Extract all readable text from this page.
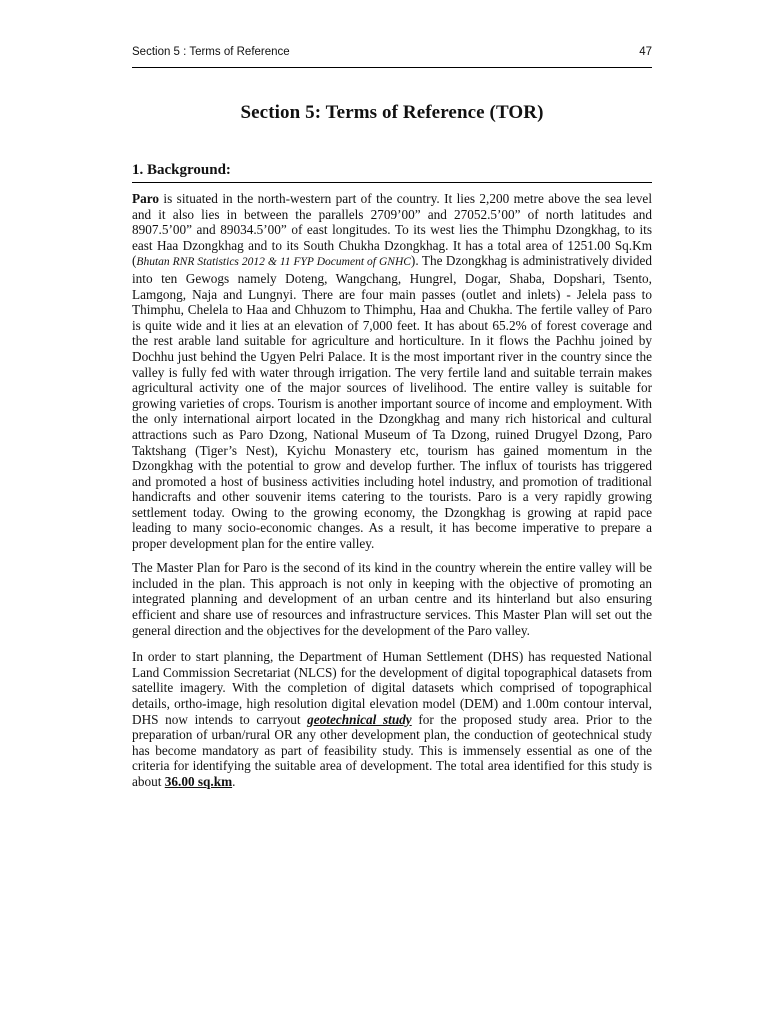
Section 5 : Terms of Reference	47
Section 5: Terms of Reference (TOR)
1. Background:

Paro is situated in the north-western part of the country. It lies 2,200 metre above the sea level and it also lies in between the parallels 2709’00” and 27052.5’00” of north latitudes and 8907.5’00” and 89034.5’00” of east longitudes. To its west lies the Thimphu Dzongkhag, to its east Haa Dzongkhag and to its South Chukha Dzongkhag. It has a total area of 1251.00 Sq.Km (Bhutan RNR Statistics 2012 & 11 FYP Document of GNHC). The Dzongkhag is administratively divided into ten Gewogs namely Doteng, Wangchang, Hungrel, Dogar, Shaba, Dopshari, Tsento, Lamgong, Naja and Lungnyi. There are four main passes (outlet and inlets) - Jelela pass to Thimphu, Chelela to Haa and Chhuzom to Thimphu, Haa and Chukha. The fertile valley of Paro is quite wide and it lies at an elevation of 7,000 feet. It has about 65.2% of forest coverage and the rest arable land suitable for agriculture and horticulture. In it flows the Pachhu joined by Dochhu just behind the Ugyen Pelri Palace. It is the most important river in the country since the valley is fully fed with water through irrigation. The very fertile land and suitable terrain makes agricultural activity one of the major sources of livelihood. The entire valley is suitable for growing varieties of crops. Tourism is another important source of income and employment. With the only international airport located in the Dzongkhag and many rich historical and cultural attractions such as Paro Dzong, National Museum of Ta Dzong, ruined Drugyel Dzong, Paro Taktshang (Tiger’s Nest), Kyichu Monastery etc, tourism has gained momentum in the Dzongkhag with the potential to grow and develop further. The influx of tourists has triggered and promoted a host of business activities including hotel industry, and promotion of traditional handicrafts and other souvenir items catering to the tourists. Paro is a very rapidly growing settlement today. Owing to the growing economy, the Dzongkhag is growing at rapid pace leading to many socio-economic changes. As a result, it has become imperative to prepare a proper development plan for the entire valley.

The Master Plan for Paro is the second of its kind in the country wherein the entire valley will be included in the plan. This approach is not only in keeping with the objective of promoting an integrated planning and development of an urban centre and its hinterland but also ensuring efficient and share use of resources and infrastructure services. This Master Plan will set out the general direction and the objectives for the development of the Paro valley.

In order to start planning, the Department of Human Settlement (DHS) has requested National Land Commission Secretariat (NLCS) for the development of digital topographical datasets from satellite imagery. With the completion of digital datasets which comprised of topographical details, ortho-image, high resolution digital elevation model (DEM) and 1.00m contour interval, DHS now intends to carryout geotechnical study for the proposed study area. Prior to the preparation of urban/rural OR any other development plan, the conduction of geotechnical study has become mandatory as part of feasibility study. This is immensely essential as one of the criteria for identifying the suitable area of development. The total area identified for this study is about 36.00 sq.km.
